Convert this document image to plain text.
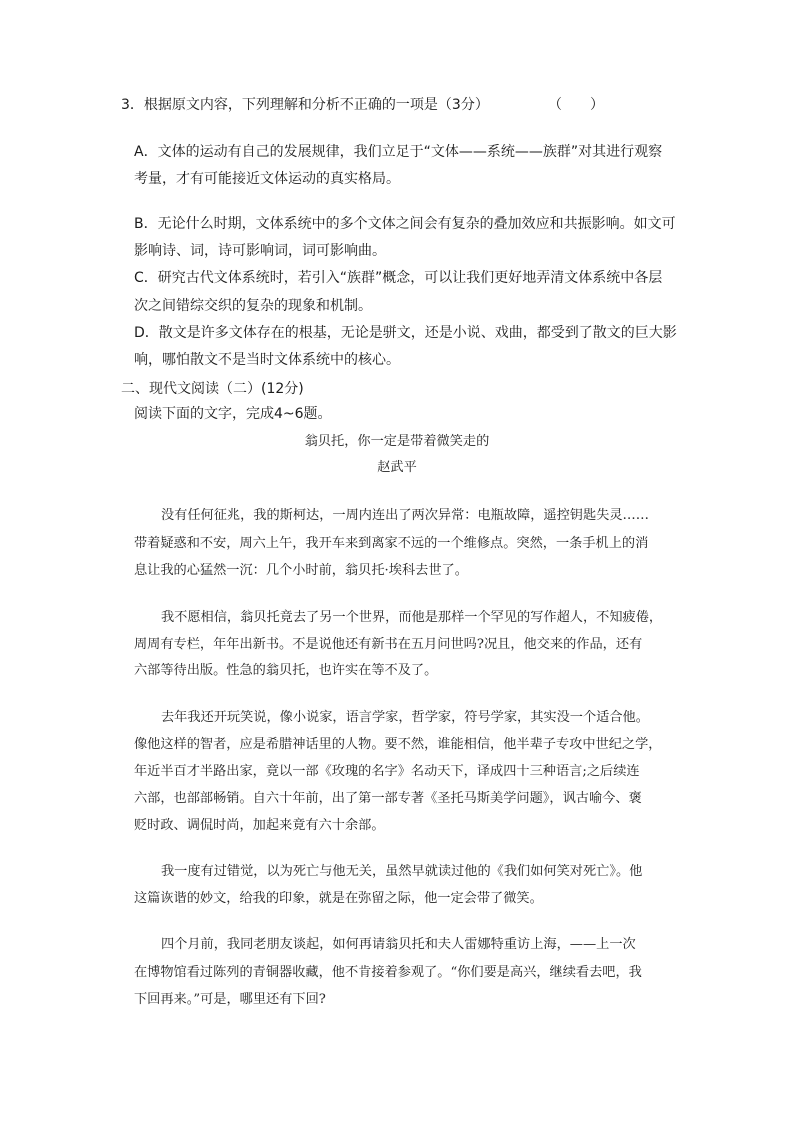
3．根据原文内容，下列理解和分析不正确的一项是（3分）	（　　）

A．文体的运动有自己的发展规律，我们立足于“文体——系统——族群”对其进行观察

考量，才有可能接近文体运动的真实格局。

B．无论什么时期，文体系统中的多个文体之间会有复杂的叠加效应和共振影响。如文可

影响诗、词，诗可影响词，词可影响曲。

C．研究古代文体系统时，若引入“族群”概念，可以让我们更好地弄清文体系统中各层

次之间错综交织的复杂的现象和机制。

D．散文是许多文体存在的根基，无论是骈文，还是小说、戏曲，都受到了散文的巨大影

响，哪怕散文不是当时文体系统中的核心。

二、现代文阅读（二）(12分)

阅读下面的文字，完成4~6题。

翁贝托，你一定是带着微笑走的

赵武平

没有任何征兆，我的斯柯达，一周内连出了两次异常：电瓶故障，遥控钥匙失灵……

带着疑惑和不安，周六上午，我开车来到离家不远的一个维修点。突然，一条手机上的消

息让我的心猛然一沉：几个小时前，翁贝托·埃科去世了。

我不愿相信，翁贝托竟去了另一个世界，而他是那样一个罕见的写作超人，不知疲倦，

周周有专栏，年年出新书。不是说他还有新书在五月问世吗?况且，他交来的作品，还有

六部等待出版。性急的翁贝托，也许实在等不及了。

去年我还开玩笑说，像小说家，语言学家，哲学家，符号学家，其实没一个适合他。

像他这样的智者，应是希腊神话里的人物。要不然，谁能相信，他半辈子专攻中世纪之学，

年近半百才半路出家，竟以一部《玫瑰的名字》名动天下，译成四十三种语言;之后续连

六部，也部部畅销。自六十年前，出了第一部专著《圣托马斯美学问题》，讽古喻今、褒

贬时政、调侃时尚，加起来竟有六十余部。

我一度有过错觉，以为死亡与他无关，虽然早就读过他的《我们如何笑对死亡》。他

这篇诙谐的妙文，给我的印象，就是在弥留之际，他一定会带了微笑。

四个月前，我同老朋友谈起，如何再请翁贝托和夫人雷娜特重访上海，——上一次

在博物馆看过陈列的青铜器收藏，他不肯接着参观了。“你们要是高兴，继续看去吧，我

下回再来。”可是，哪里还有下回?
